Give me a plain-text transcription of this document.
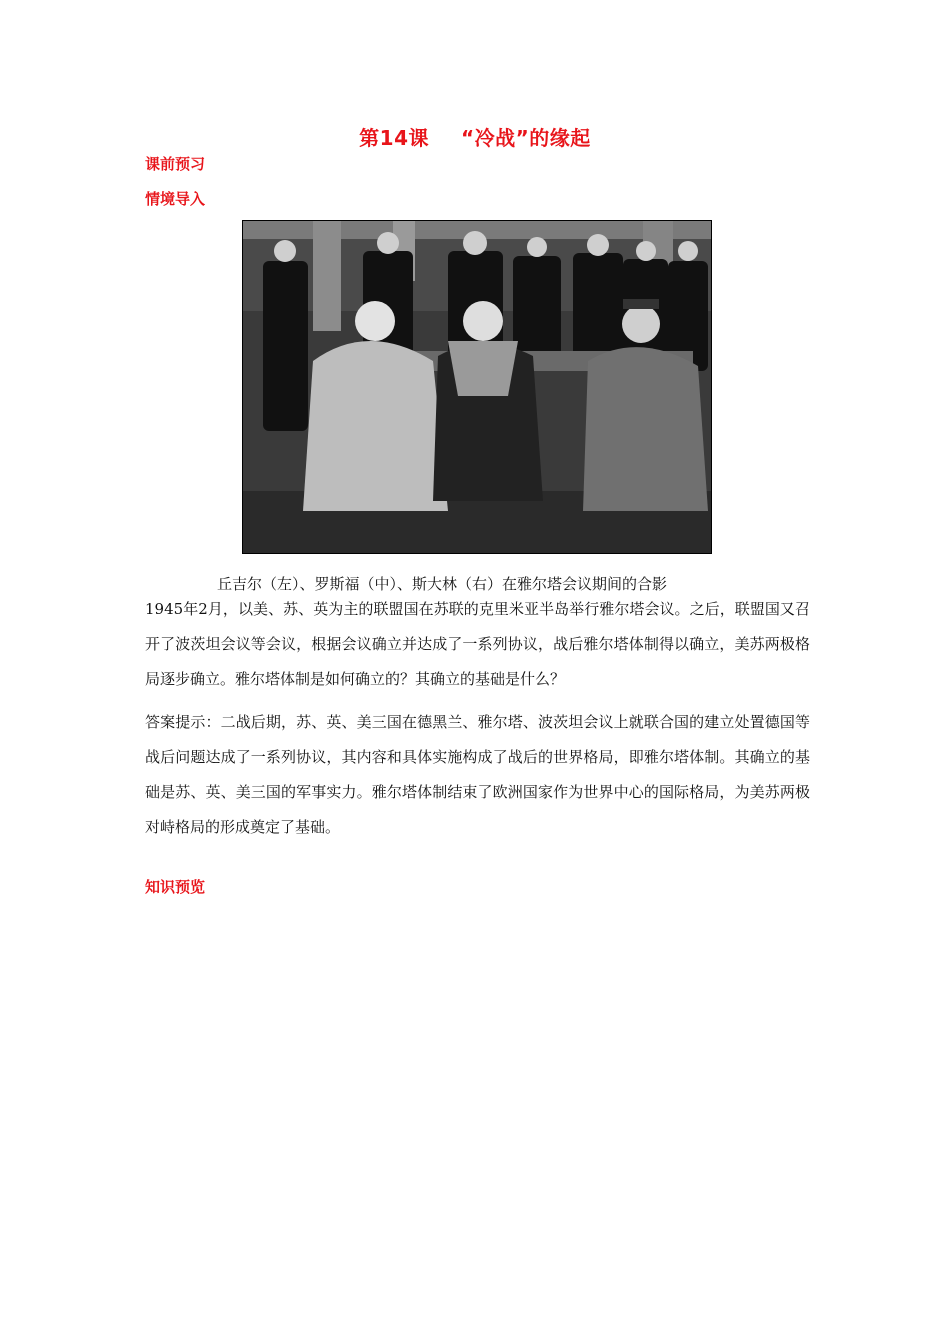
第14课 “冷战”的缘起
课前预习
情境导入
丘吉尔（左）、罗斯福（中）、斯大林（右）在雅尔塔会议期间的合影
1945年2月，以美、苏、英为主的联盟国在苏联的克里米亚半岛举行雅尔塔会议。之后，联盟国又召开了波茨坦会议等会议，根据会议确立并达成了一系列协议，战后雅尔塔体制得以确立，美苏两极格局逐步确立。雅尔塔体制是如何确立的？其确立的基础是什么？
答案提示：二战后期，苏、英、美三国在德黑兰、雅尔塔、波茨坦会议上就联合国的建立处置德国等战后问题达成了一系列协议，其内容和具体实施构成了战后的世界格局，即雅尔塔体制。其确立的基础是苏、英、美三国的军事实力。雅尔塔体制结束了欧洲国家作为世界中心的国际格局，为美苏两极对峙格局的形成奠定了基础。
知识预览
